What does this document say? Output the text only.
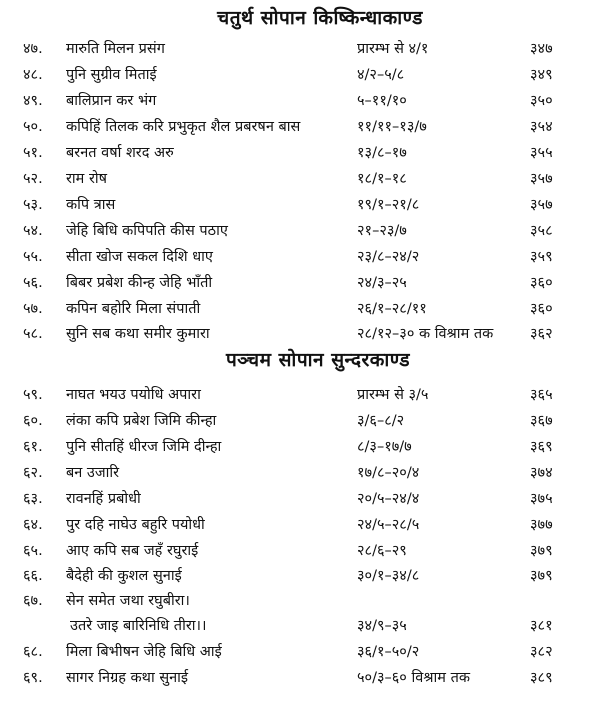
चतुर्थ सोपान किष्किन्धाकाण्ड
४७. मारुति मिलन प्रसंग	प्रारम्भ से ४/१	३४७
४८. पुनि सुग्रीव मिताई	४/२–५/८	३४९
४९. बालिप्रान कर भंग	५–११/१०	३५०
५०. कपिहिं तिलक करि प्रभुकृत शैल प्रबरषन बास	११/११–१३/७	३५४
५१. बरनत वर्षा शरद अरु	१३/८–१७	३५५
५२. राम रोष	१८/१–१८	३५७
५३. कपि त्रास	१९/१–२१/८	३५७
५४. जेहि बिधि कपिपति कीस पठाए	२१–२३/७	३५८
५५. सीता खोज सकल दिशि धाए	२३/८–२४/२	३५९
५६. बिबर प्रबेश कीन्ह जेहि भाँती	२४/३–२५	३६०
५७. कपिन बहोरि मिला संपाती	२६/१–२८/११	३६०
५८. सुनि सब कथा समीर कुमारा	२८/१२–३० क विश्राम तक	३६२
पञ्चम सोपान सुन्दरकाण्ड
५९. नाघत भयउ पयोधि अपारा	प्रारम्भ से ३/५	३६५
६०. लंका कपि प्रबेश जिमि कीन्हा	३/६–८/२	३६७
६१. पुनि सीतहिं धीरज जिमि दीन्हा	८/३–१७/७	३६९
६२. बन उजारि	१७/८–२०/४	३७४
६३. रावनहिं प्रबोधी	२०/५–२४/४	३७५
६४. पुर दहि नाघेउ बहुरि पयोधी	२४/५–२८/५	३७७
६५. आए कपि सब जहँ रघुराई	२८/६–२९	३७९
६६. बैदेही की कुशल सुनाई	३०/१–३४/८	३७९
६७. सेन समेत जथा रघुबीरा।
उतरे जाइ बारिनिधि तीरा।।	३४/९–३५	३८१
६८. मिला बिभीषन जेहि बिधि आई	३६/१–५०/२	३८२
६९. सागर निग्रह कथा सुनाई	५०/३–६० विश्राम तक	३८९
